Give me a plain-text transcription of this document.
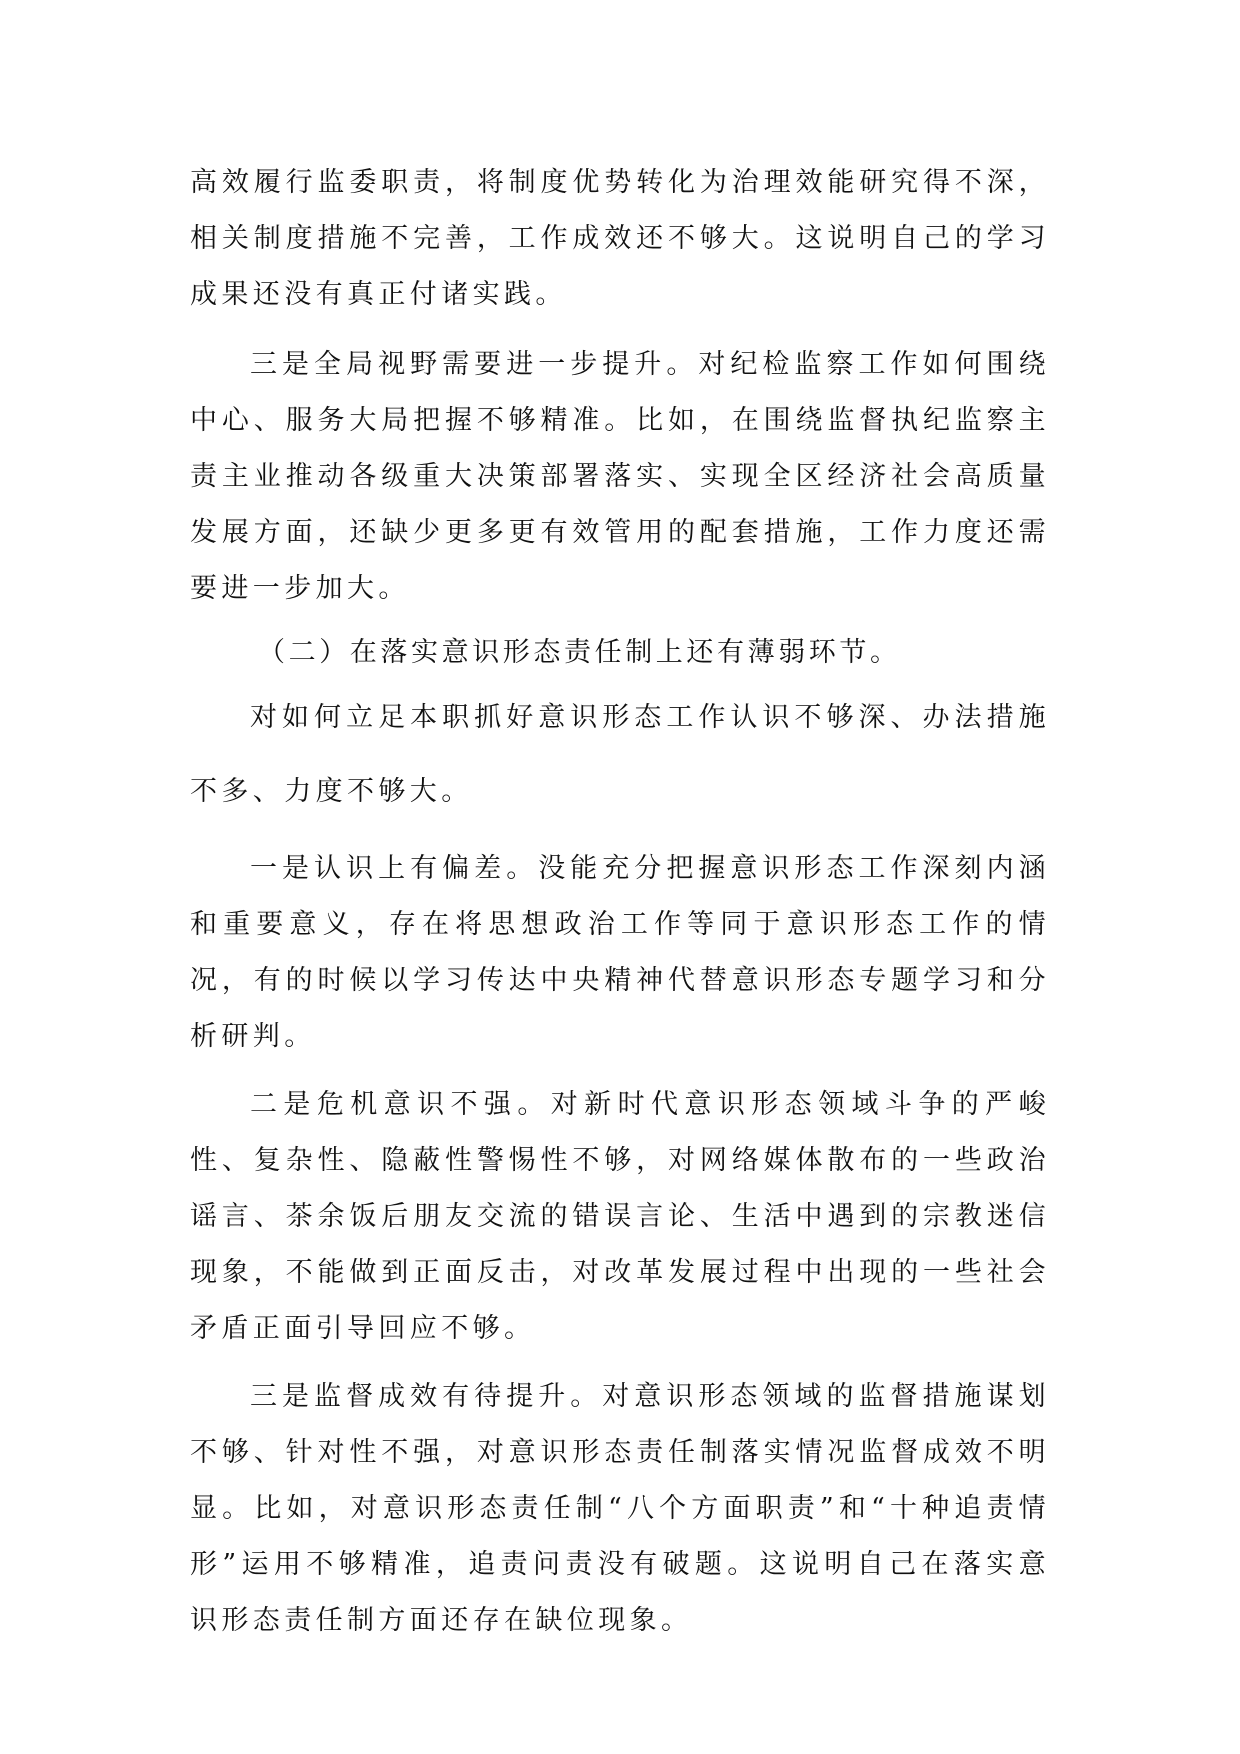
高效履行监委职责，将制度优势转化为治理效能研究得不深，相关制度措施不完善，工作成效还不够大。这说明自己的学习成果还没有真正付诸实践。

三是全局视野需要进一步提升。对纪检监察工作如何围绕中心、服务大局把握不够精准。比如，在围绕监督执纪监察主责主业推动各级重大决策部署落实、实现全区经济社会高质量发展方面，还缺少更多更有效管用的配套措施，工作力度还需要进一步加大。

（二）在落实意识形态责任制上还有薄弱环节。

对如何立足本职抓好意识形态工作认识不够深、办法措施不多、力度不够大。

一是认识上有偏差。没能充分把握意识形态工作深刻内涵和重要意义，存在将思想政治工作等同于意识形态工作的情况，有的时候以学习传达中央精神代替意识形态专题学习和分析研判。

二是危机意识不强。对新时代意识形态领域斗争的严峻性、复杂性、隐蔽性警惕性不够，对网络媒体散布的一些政治谣言、茶余饭后朋友交流的错误言论、生活中遇到的宗教迷信现象，不能做到正面反击，对改革发展过程中出现的一些社会矛盾正面引导回应不够。

三是监督成效有待提升。对意识形态领域的监督措施谋划不够、针对性不强，对意识形态责任制落实情况监督成效不明显。比如，对意识形态责任制“八个方面职责”和“十种追责情形”运用不够精准，追责问责没有破题。这说明自己在落实意识形态责任制方面还存在缺位现象。
